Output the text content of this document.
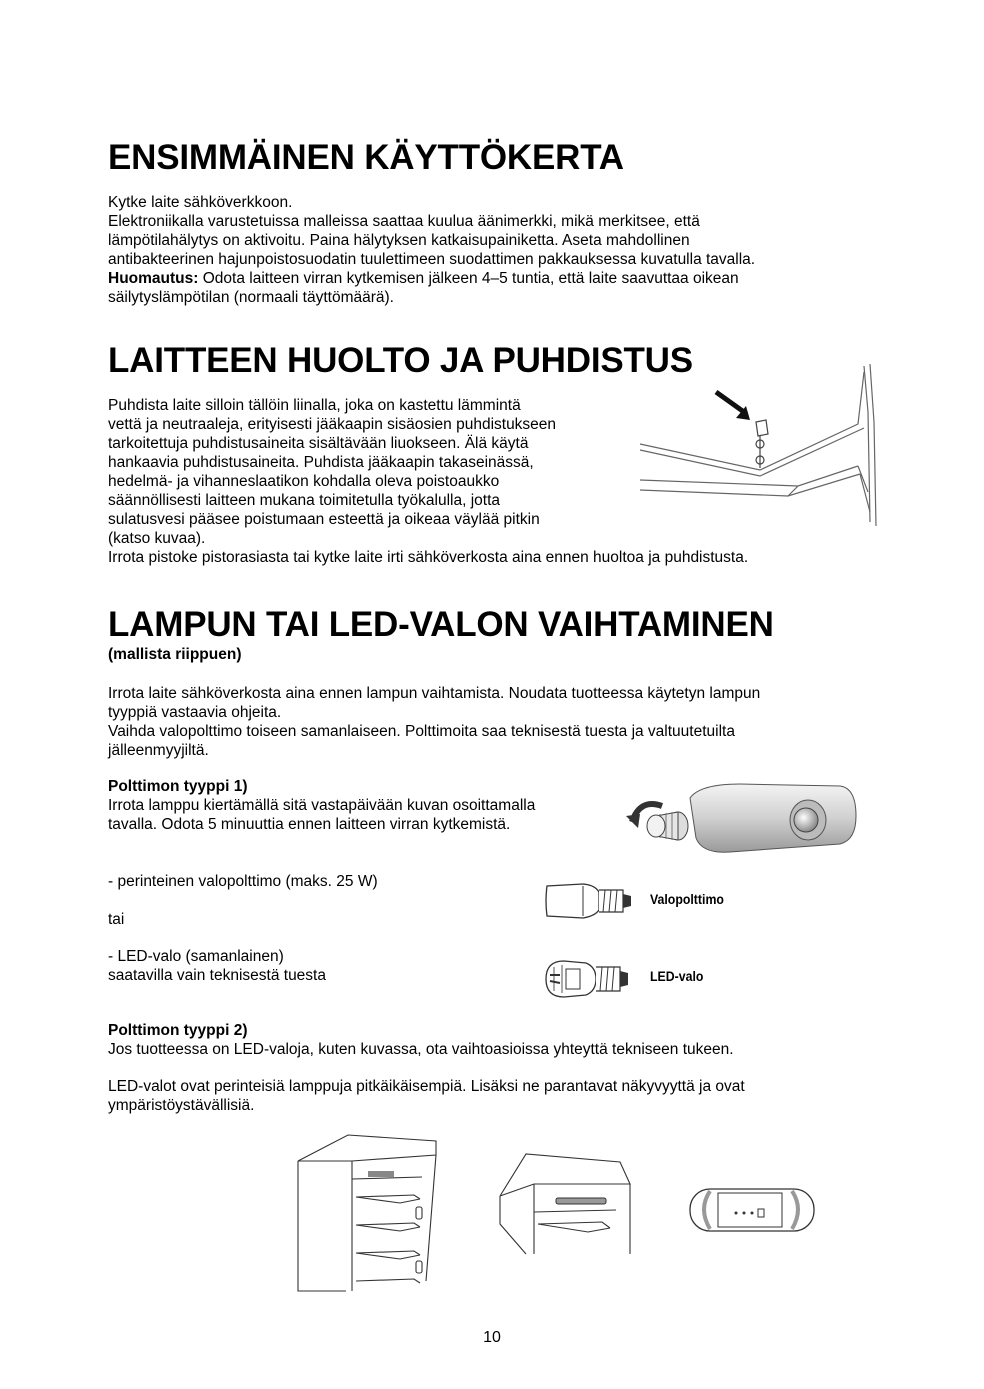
ENSIMMÄINEN KÄYTTÖKERTA
Kytke laite sähköverkkoon.
Elektroniikalla varustetuissa malleissa saattaa kuulua äänimerkki, mikä merkitsee, että
lämpötilahälytys on aktivoitu. Paina hälytyksen katkaisupainiketta. Aseta mahdollinen
antibakteerinen hajunpoistosuodatin tuulettimeen suodattimen pakkauksessa kuvatulla tavalla.
Huomautus: Odota laitteen virran kytkemisen jälkeen 4–5 tuntia, että laite saavuttaa oikean
säilytyslämpötilan (normaali täyttömäärä).
LAITTEEN HUOLTO JA PUHDISTUS
Puhdista laite silloin tällöin liinalla, joka on kastettu lämmintä
vettä ja neutraaleja, erityisesti jääkaapin sisäosien puhdistukseen
tarkoitettuja puhdistusaineita sisältävään liuokseen. Älä käytä
hankaavia puhdistusaineita. Puhdista jääkaapin takaseinässä,
hedelmä- ja vihanneslaatikon kohdalla oleva poistoaukko
säännöllisesti laitteen mukana toimitetulla työkalulla, jotta
sulatusvesi pääsee poistumaan esteettä ja oikeaa väylää pitkin
(katso kuvaa).
Irrota pistoke pistorasiasta tai kytke laite irti sähköverkosta aina ennen huoltoa ja puhdistusta.
LAMPUN TAI LED-VALON VAIHTAMINEN
(mallista riippuen)
Irrota laite sähköverkosta aina ennen lampun vaihtamista. Noudata tuotteessa käytetyn lampun
tyyppiä vastaavia ohjeita.
Vaihda valopolttimo toiseen samanlaiseen. Polttimoita saa teknisestä tuesta ja valtuutetuilta
jälleenmyyjiltä.
Polttimon tyyppi 1)
Irrota lamppu kiertämällä sitä vastapäivään kuvan osoittamalla
tavalla. Odota 5 minuuttia ennen laitteen virran kytkemistä.
- perinteinen valopolttimo (maks. 25 W)
tai
- LED-valo (samanlainen)
saatavilla vain teknisestä tuesta
Valopolttimo
LED-valo
Polttimon tyyppi 2)
Jos tuotteessa on LED-valoja, kuten kuvassa, ota vaihtoasioissa yhteyttä tekniseen tukeen.
LED-valot ovat perinteisiä lamppuja pitkäikäisempiä. Lisäksi ne parantavat näkyvyyttä ja ovat
ympäristöystävällisiä.
10
